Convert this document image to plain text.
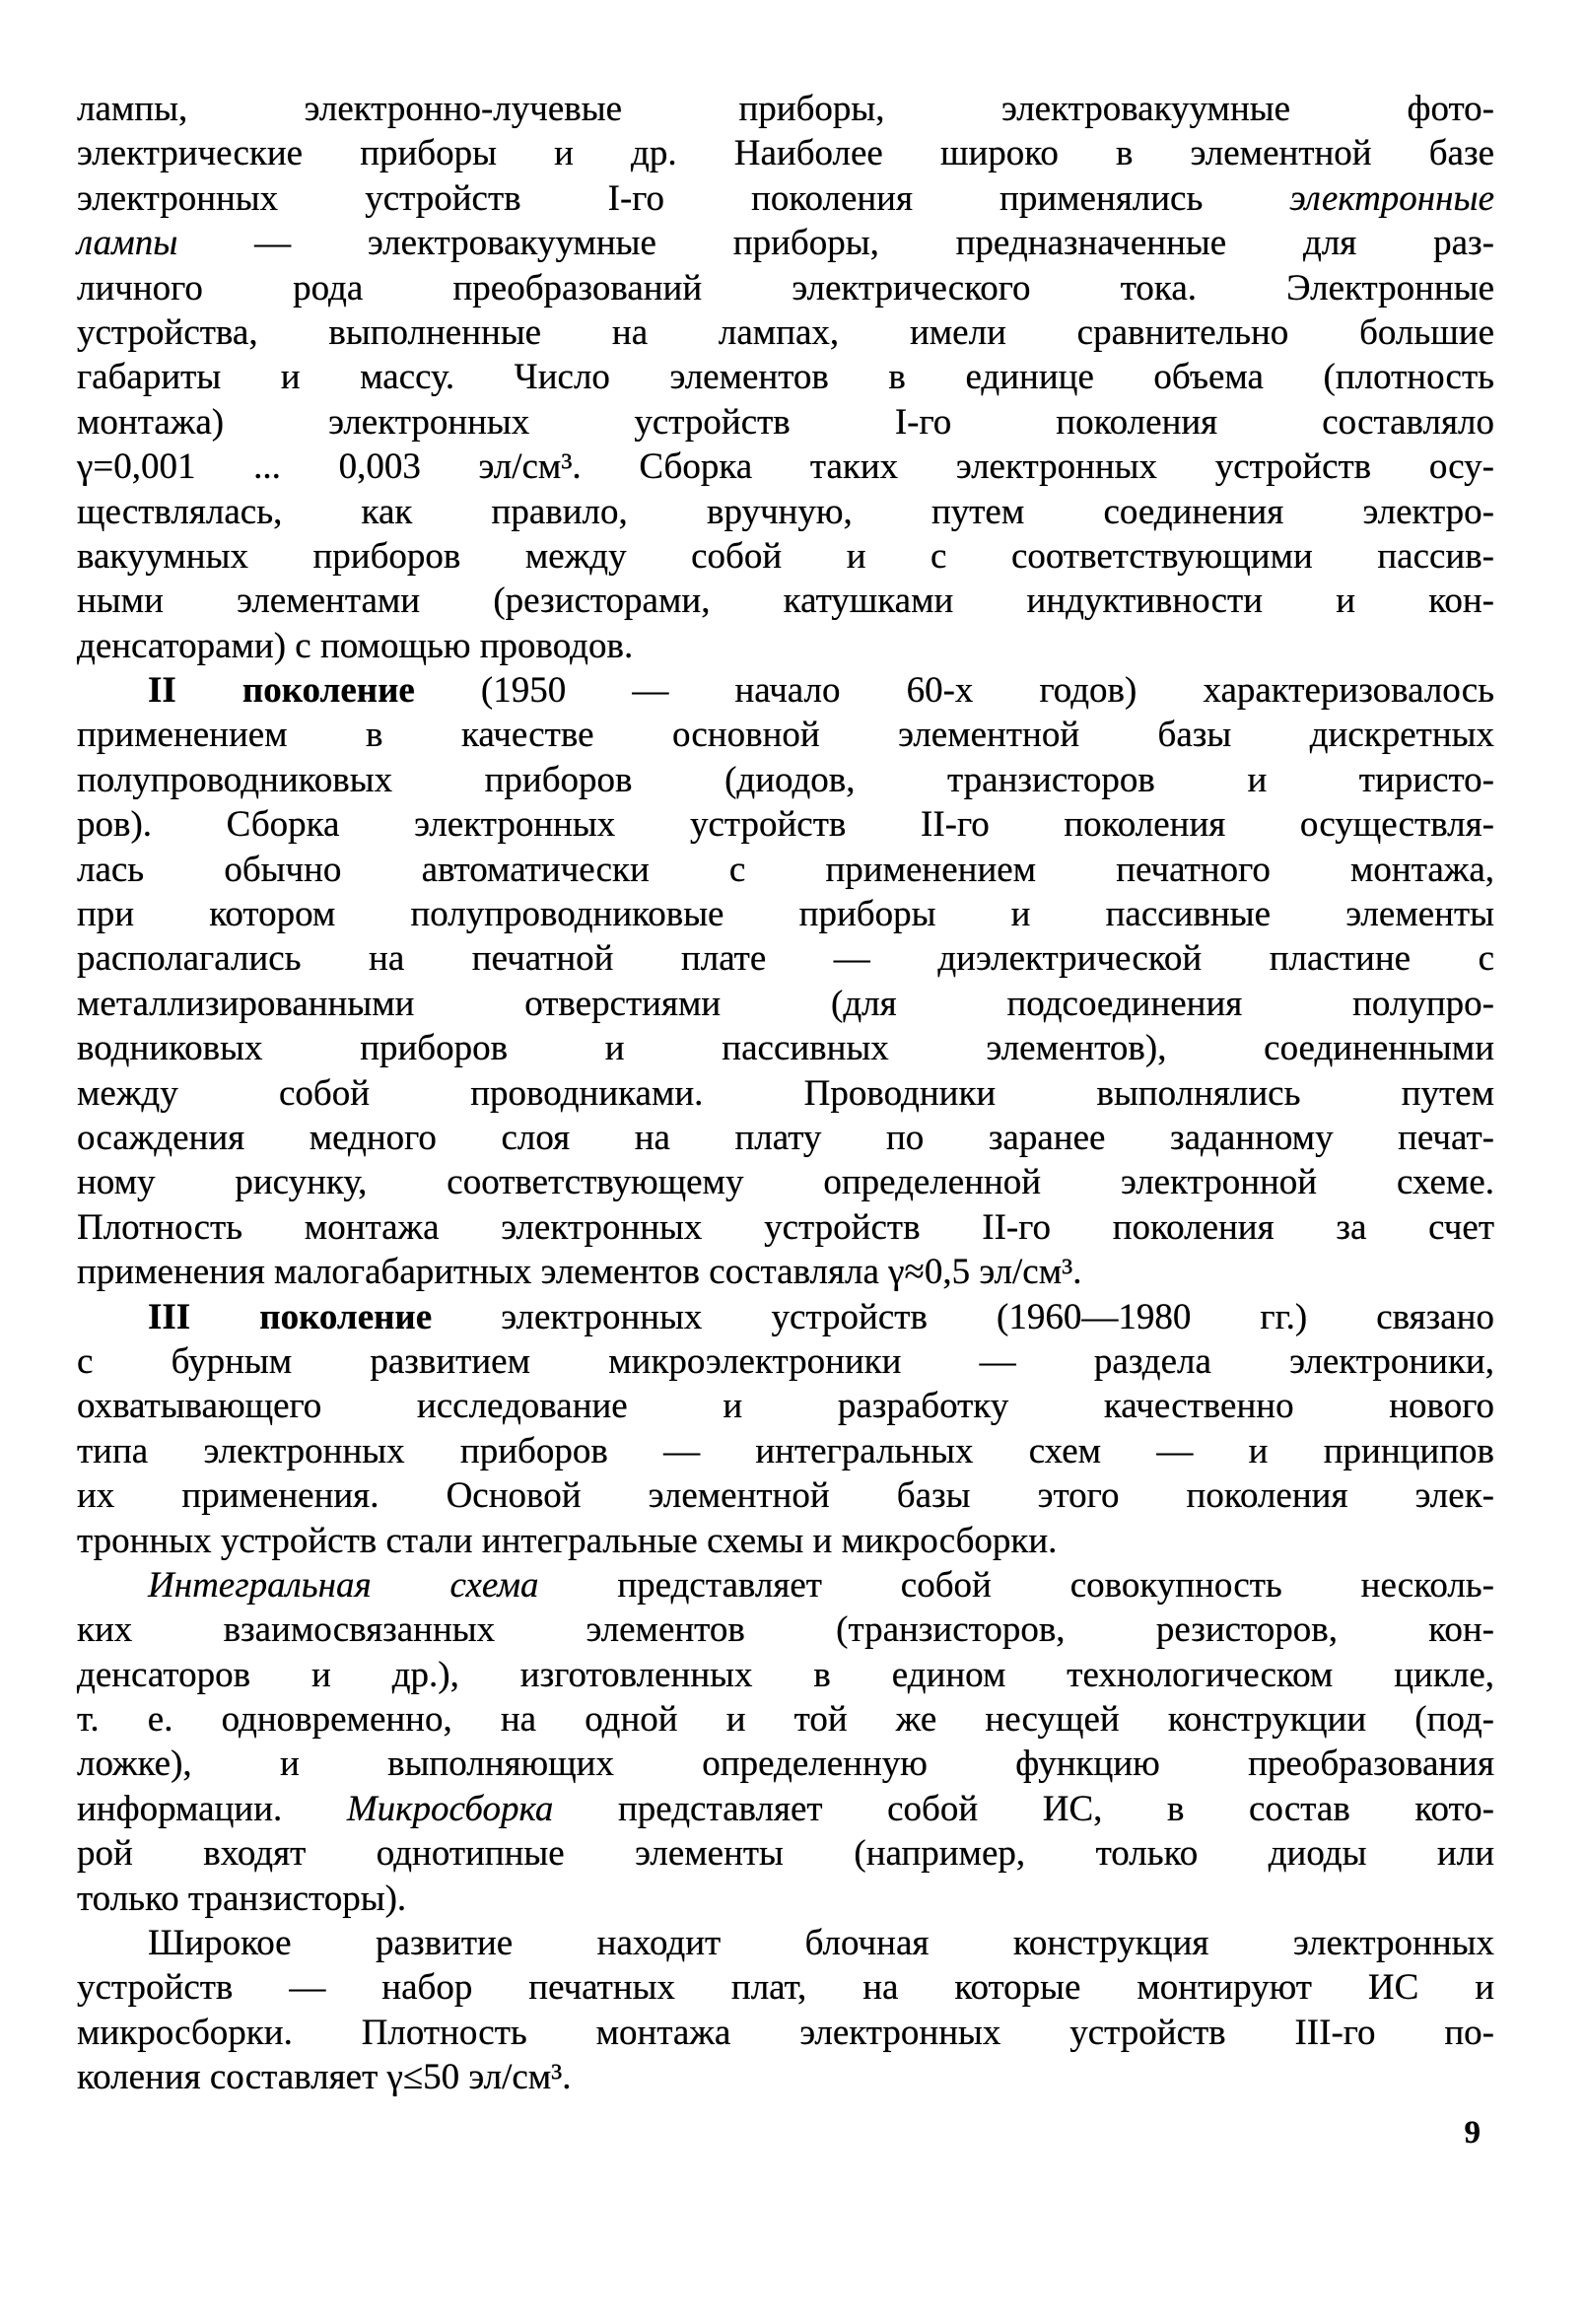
лампы, электронно-лучевые приборы, электровакуумные фото-
электрические приборы и др. Наиболее широко в элементной базе
электронных устройств I-го поколения применялись электронные
лампы — электровакуумные приборы, предназначенные для раз-
личного рода преобразований электрического тока. Электронные
устройства, выполненные на лампах, имели сравнительно большие
габариты и массу. Число элементов в единице объема (плотность
монтажа) электронных устройств I-го поколения составляло
γ=0,001 ... 0,003 эл/см³. Сборка таких электронных устройств осу-
ществлялась, как правило, вручную, путем соединения электро-
вакуумных приборов между собой и с соответствующими пассив-
ными элементами (резисторами, катушками индуктивности и кон-
денсаторами) с помощью проводов.
II поколение (1950 — начало 60-х годов) характеризовалось
применением в качестве основной элементной базы дискретных
полупроводниковых приборов (диодов, транзисторов и тиристо-
ров). Сборка электронных устройств II-го поколения осуществля-
лась обычно автоматически с применением печатного монтажа,
при котором полупроводниковые приборы и пассивные элементы
располагались на печатной плате — диэлектрической пластине с
металлизированными отверстиями (для подсоединения полупро-
водниковых приборов и пассивных элементов), соединенными
между собой проводниками. Проводники выполнялись путем
осаждения медного слоя на плату по заранее заданному печат-
ному рисунку, соответствующему определенной электронной схеме.
Плотность монтажа электронных устройств II-го поколения за счет
применения малогабаритных элементов составляла γ≈0,5 эл/см³.
III поколение электронных устройств (1960—1980 гг.) связано
с бурным развитием микроэлектроники — раздела электроники,
охватывающего исследование и разработку качественно нового
типа электронных приборов — интегральных схем — и принципов
их применения. Основой элементной базы этого поколения элек-
тронных устройств стали интегральные схемы и микросборки.
Интегральная схема представляет собой совокупность несколь-
ких взаимосвязанных элементов (транзисторов, резисторов, кон-
денсаторов и др.), изготовленных в едином технологическом цикле,
т. е. одновременно, на одной и той же несущей конструкции (под-
ложке), и выполняющих определенную функцию преобразования
информации. Микросборка представляет собой ИС, в состав кото-
рой входят однотипные элементы (например, только диоды или
только транзисторы).
Широкое развитие находит блочная конструкция электронных
устройств — набор печатных плат, на которые монтируют ИС и
микросборки. Плотность монтажа электронных устройств III-го по-
коления составляет γ≤50 эл/см³.
9
